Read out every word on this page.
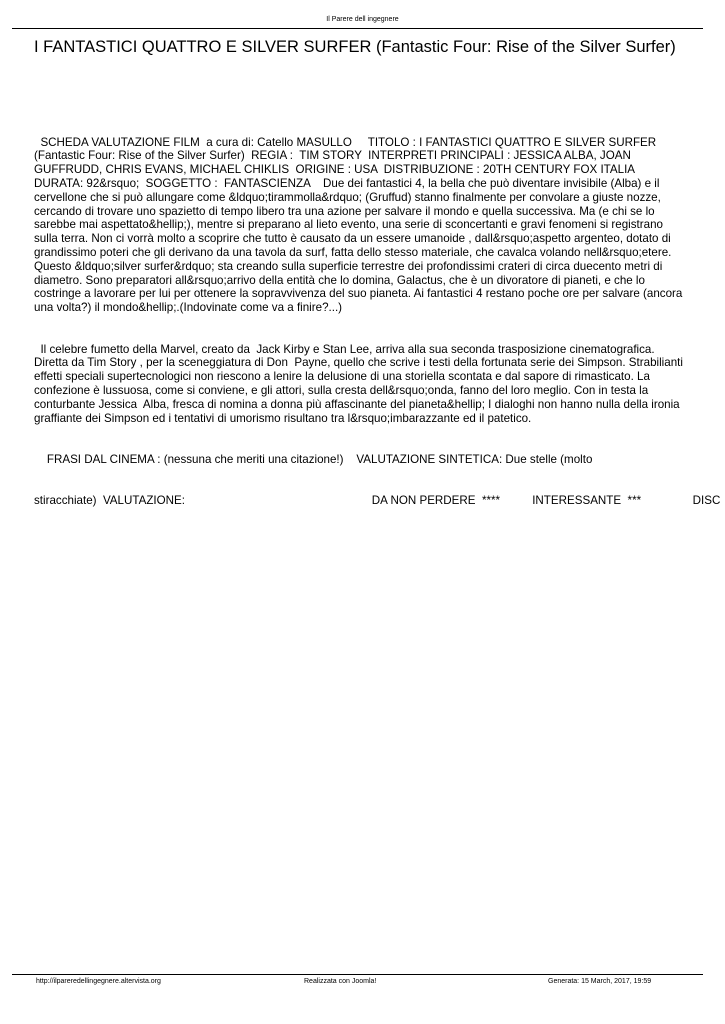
Il Parere dell ingegnere
I FANTASTICI QUATTRO E SILVER SURFER (Fantastic Four: Rise of the Silver Surfer)

SCHEDA VALUTAZIONE FILM  a cura di: Catello MASULLO     TITOLO : I FANTASTICI QUATTRO E SILVER SURFER (Fantastic Four: Rise of the Silver Surfer)  REGIA :  TIM STORY  INTERPRETI PRINCIPALI : JESSICA ALBA, JOAN GUFFRUDD, CHRIS EVANS, MICHAEL CHIKLIS  ORIGINE : USA  DISTRIBUZIONE : 20TH CENTURY FOX ITALIA  DURATA: 92&rsquo;  SOGGETTO :  FANTASCIENZA    Due dei fantastici 4, la bella che può diventare invisibile (Alba) e il cervellone che si può allungare come &ldquo;tirammolla&rdquo; (Gruffud) stanno finalmente per convolare a giuste nozze, cercando di trovare uno spazietto di tempo libero tra una azione per salvare il mondo e quella successiva. Ma (e chi se lo sarebbe mai aspettato&hellip;), mentre si preparano al lieto evento, una serie di sconcertanti e gravi fenomeni si registrano sulla terra. Non ci vorrà molto a scoprire che tutto è causato da un essere umanoide , dall&rsquo;aspetto argenteo, dotato di grandissimo poteri che gli derivano da una tavola da surf, fatta dello stesso materiale, che cavalca volando nell&rsquo;etere. Questo &ldquo;silver surfer&rdquo; sta creando sulla superficie terrestre dei profondissimi crateri di circa duecento metri di diametro. Sono preparatori all&rsquo;arrivo della entità che lo domina, Galactus, che è un divoratore di pianeti, e che lo costringe a lavorare per lui per ottenere la sopravvivenza del suo pianeta. Ai fantastici 4 restano poche ore per salvare (ancora una volta?) il mondo&hellip;.(Indovinate come va a finire?...)

Il celebre fumetto della Marvel, creato da  Jack Kirby e Stan Lee, arriva alla sua seconda trasposizione cinematografica. Diretta da Tim Story , per la sceneggiatura di Don  Payne, quello che scrive i testi della fortunata serie dei Simpson. Strabilianti effetti speciali supertecnologici non riescono a lenire la delusione di una storiella scontata e dal sapore di rimasticato. La confezione è lussuosa, come si conviene, e gli attori, sulla cresta dell&rsquo;onda, fanno del loro meglio. Con in testa la conturbante Jessica  Alba, fresca di nomina a donna più affascinante del pianeta&hellip; I dialoghi non hanno nulla della ironia graffiante dei Simpson ed i tentativi di umorismo risultano tra l&rsquo;imbarazzante ed il patetico.

FRASI DAL CINEMA : (nessuna che meriti una citazione!)    VALUTAZIONE SINTETICA: Due stelle (molto

stiracchiate)  VALUTAZIONE:                                                          DA NON PERDERE  ****          INTERESSANTE  ***                DISC

http://ilpareredellingegnere.altervista.org	Realizzata con Joomla!	Generata: 15 March, 2017, 19:59
